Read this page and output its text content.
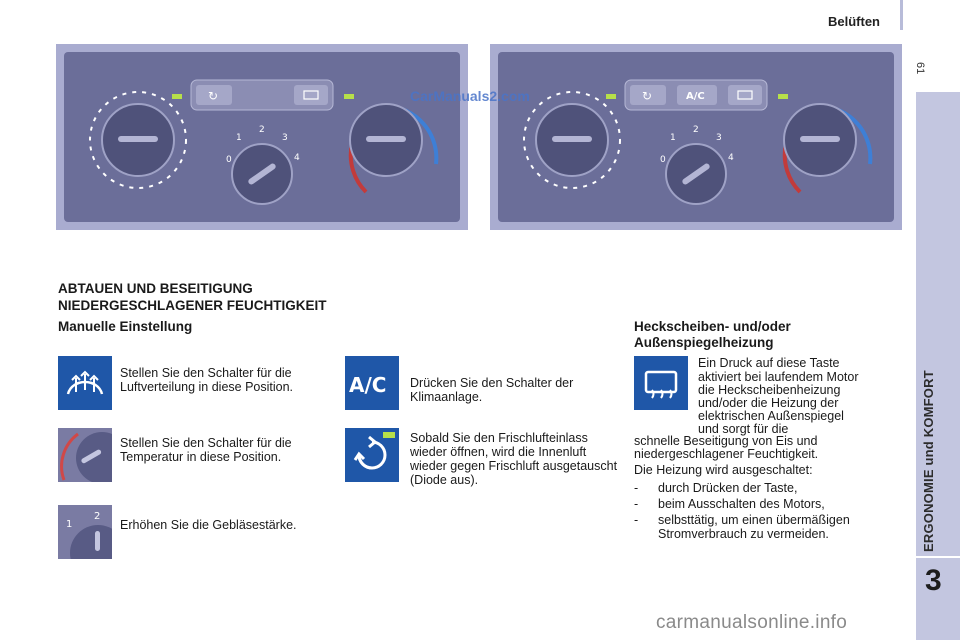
Belüften
61
ERGONOMIE und KOMFORT
3
↻
0
1
2
3
4
↻	A/C
0
1
2
3
4
CarManuals2.com
ABTAUEN UND BESEITIGUNG
NIEDERGESCHLAGENER FEUCHTIGKEIT
Manuelle Einstellung
Stellen Sie den Schalter für die Luftverteilung in diese Position.
Stellen Sie den Schalter für die Temperatur in diese Position.
1
2
Erhöhen Sie die Gebläsestärke.
A/C Drücken Sie den Schalter der Klimaanlage.
Sobald Sie den Frischlufteinlass wieder öffnen, wird die Innenluft wieder gegen Frischluft ausgetauscht (Diode aus).
Heckscheiben- und/oder
Außenspiegelheizung
Ein Druck auf diese Taste
aktiviert bei laufendem Motor
die Heckscheibenheizung
und/oder die Heizung der
elektrischen Außenspiegel
und sorgt für die
schnelle Beseitigung von Eis und
niedergeschlagener Feuchtigkeit.
Die Heizung wird ausgeschaltet:
- durch Drücken der Taste,
- beim Ausschalten des Motors,
- selbsttätig, um einen übermäßigen Stromverbrauch zu vermeiden.
carmanualsonline.info
